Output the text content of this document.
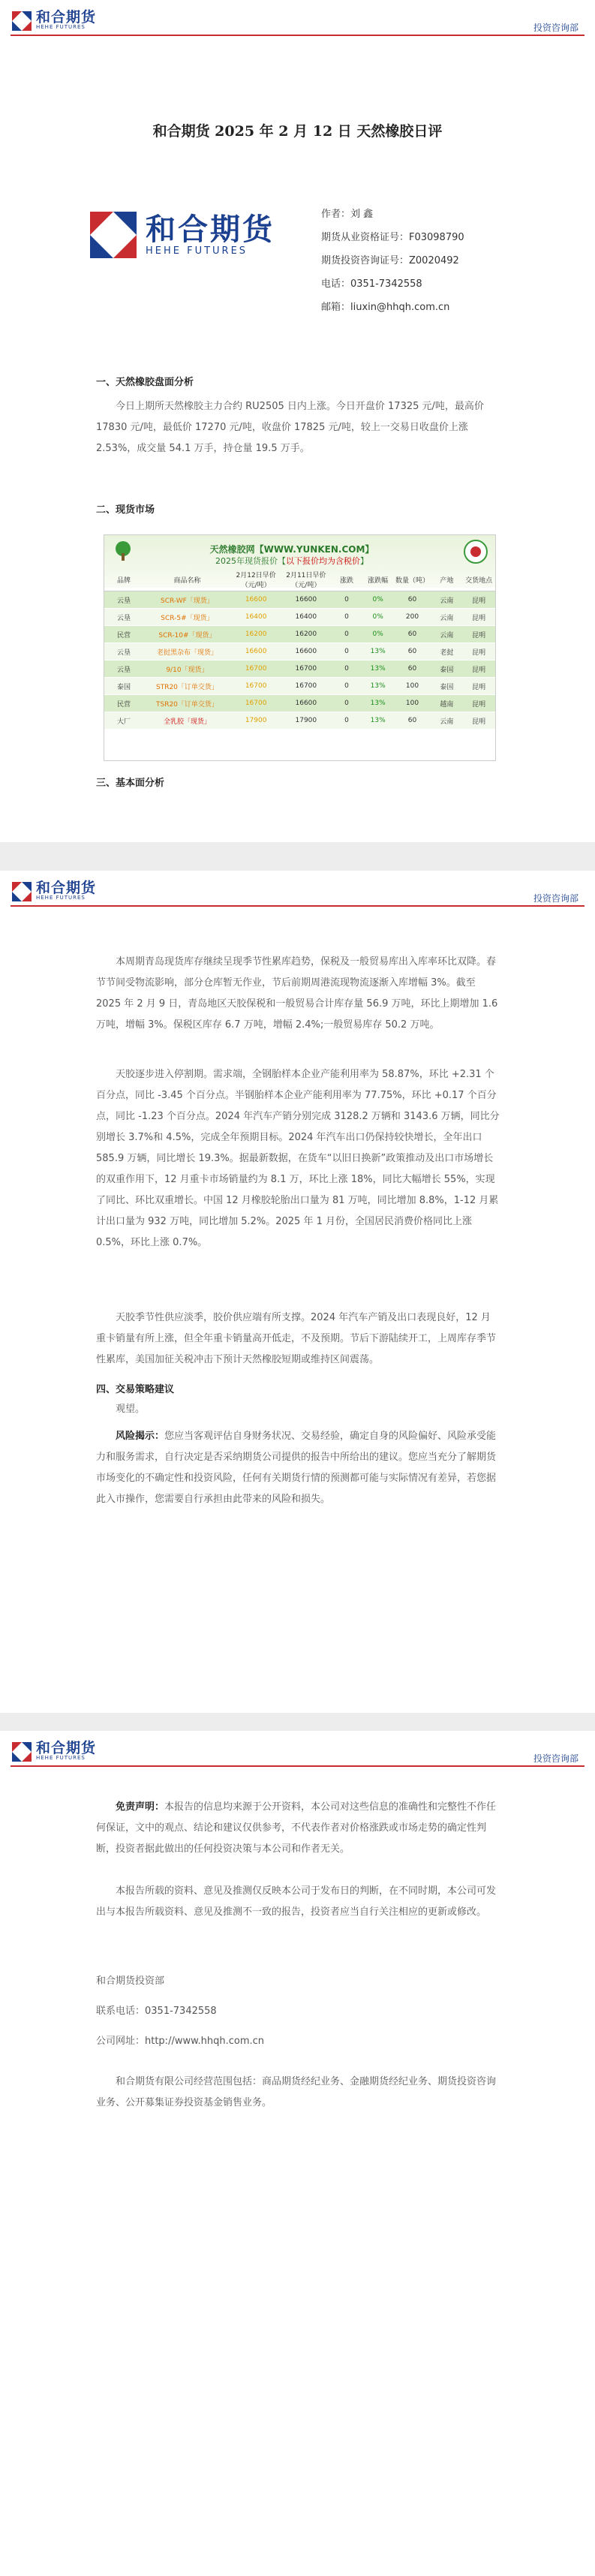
和合期货
HEHE FUTURES	投资咨询部
和合期货 2025 年 2 月 12 日 天然橡胶日评
和合期货
HEHE FUTURES
作者：刘 鑫
期货从业资格证号：F03098790
期货投资咨询证号：Z0020492
电话：0351-7342558
邮箱：liuxin@hhqh.com.cn
一、天然橡胶盘面分析
今日上期所天然橡胶主力合约 RU2505 日内上涨。今日开盘价 17325 元/吨，最高价 17830 元/吨，最低价 17270 元/吨，收盘价 17825 元/吨，较上一交易日收盘价上涨 2.53%，成交量 54.1 万手，持仓量 19.5 万手。
二、现货市场
天然橡胶网【WWW.YUNKEN.COM】
2025年现货报价【以下报价均为含税价】
品牌	商品名称	2月12日早价（元/吨）	2月11日早价（元/吨）	涨跌	涨跌幅	数量（吨）	产地	交货地点
云垦	SCR-WF「现货」	16600	16600	0	0%	60	云南	昆明
云垦	SCR-5#「现货」	16400	16400	0	0%	200	云南	昆明
民营	SCR-10#「现货」	16200	16200	0	0%	60	云南	昆明
云垦	老挝黑杂布「现货」	16600	16600	0	13%	60	老挝	昆明
云垦	9/10「现货」	16700	16700	0	13%	60	泰国	昆明
泰国	STR20「订单交货」	16700	16700	0	13%	100	泰国	昆明
民营	TSR20「订单交货」	16700	16600	0	13%	100	越南	昆明
大厂	全乳胶「现货」	17900	17900	0	13%	60	云南	昆明
三、基本面分析
和合期货
HEHE FUTURES	投资咨询部
本周期青岛现货库存继续呈现季节性累库趋势，保税及一般贸易库出入库率环比双降。春节节间受物流影响，部分仓库暂无作业，节后前期周港流现物流逐渐入库增幅 3%。截至 2025 年 2 月 9 日，青岛地区天胶保税和一般贸易合计库存量 56.9 万吨，环比上期增加 1.6 万吨，增幅 3%。保税区库存 6.7 万吨，增幅 2.4%;一般贸易库存 50.2 万吨。
天胶逐步进入停割期。需求端，全钢胎样本企业产能利用率为 58.87%，环比 +2.31 个百分点，同比 -3.45 个百分点。半钢胎样本企业产能利用率为 77.75%，环比 +0.17 个百分点，同比 -1.23 个百分点。2024 年汽车产销分别完成 3128.2 万辆和 3143.6 万辆，同比分别增长 3.7%和 4.5%，完成全年预期目标。2024 年汽车出口仍保持较快增长，全年出口 585.9 万辆，同比增长 19.3%。据最新数据，在货车“以旧日换新”政策推动及出口市场增长的双重作用下，12 月重卡市场销量约为 8.1 万，环比上涨 18%，同比大幅增长 55%，实现了同比、环比双重增长。中国 12 月橡胶轮胎出口量为 81 万吨，同比增加 8.8%，1-12 月累计出口量为 932 万吨，同比增加 5.2%。2025 年 1 月份，全国居民消费价格同比上涨 0.5%，环比上涨 0.7%。
天胶季节性供应淡季，胶价供应端有所支撑。2024 年汽车产销及出口表现良好，12 月重卡销量有所上涨，但全年重卡销量高开低走，不及预期。节后下游陆续开工，上周库存季节性累库，美国加征关税冲击下预计天然橡胶短期或维持区间震荡。
四、交易策略建议
观望。
风险揭示：您应当客观评估自身财务状况、交易经验，确定自身的风险偏好、风险承受能力和服务需求，自行决定是否采纳期货公司提供的报告中所给出的建议。您应当充分了解期货市场变化的不确定性和投资风险，任何有关期货行情的预测都可能与实际情况有差异，若您据此入市操作，您需要自行承担由此带来的风险和损失。
和合期货
HEHE FUTURES	投资咨询部
免责声明：本报告的信息均来源于公开资料，本公司对这些信息的准确性和完整性不作任何保证，文中的观点、结论和建议仅供参考，不代表作者对价格涨跌或市场走势的确定性判断，投资者据此做出的任何投资决策与本公司和作者无关。
本报告所载的资料、意见及推测仅反映本公司于发布日的判断，在不同时期，本公司可发出与本报告所载资料、意见及推测不一致的报告，投资者应当自行关注相应的更新或修改。
和合期货投资部
联系电话：0351-7342558
公司网址：http://www.hhqh.com.cn
和合期货有限公司经营范围包括：商品期货经纪业务、金融期货经纪业务、期货投资咨询业务、公开募集证券投资基金销售业务。
